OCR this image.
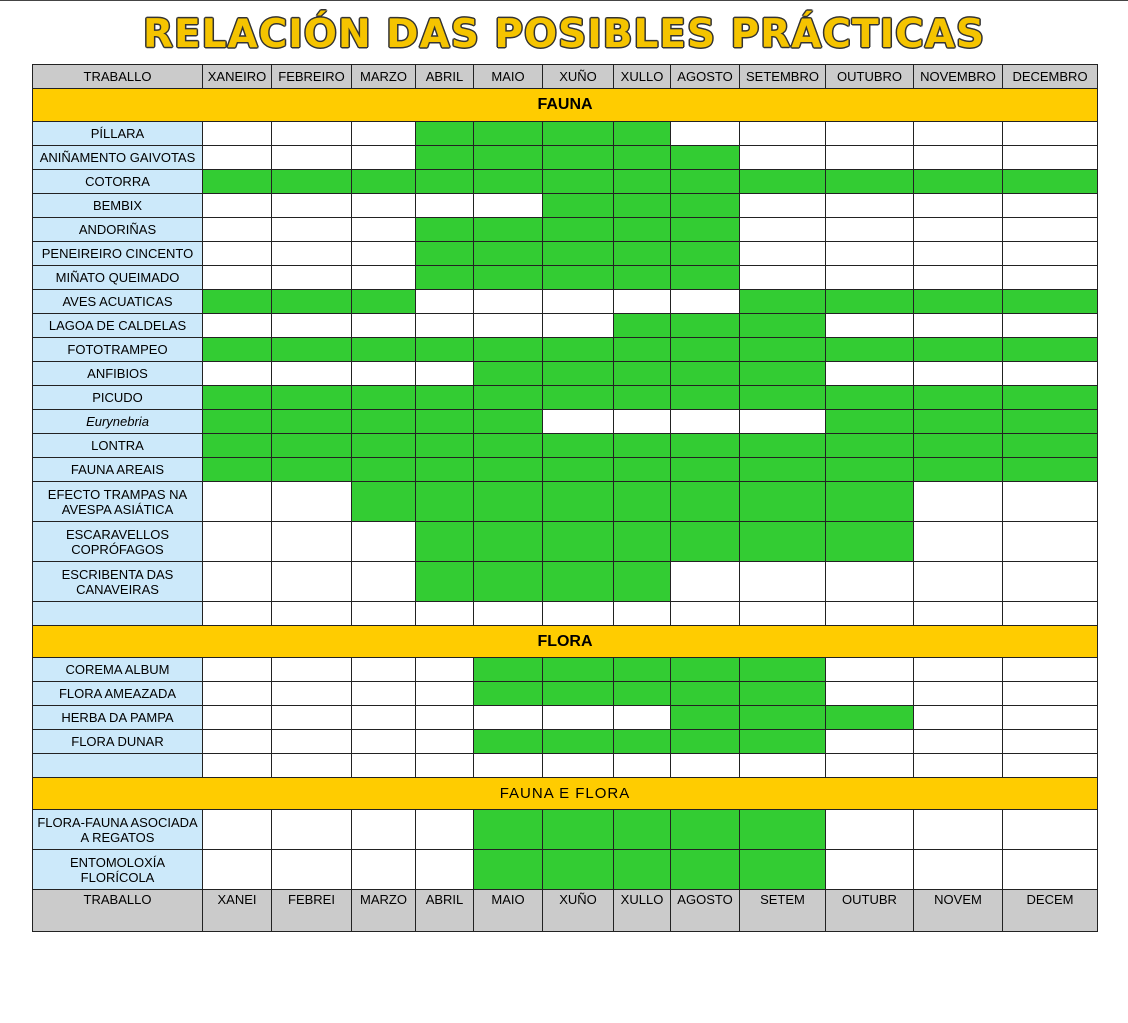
RELACIÓN DAS POSIBLES PRÁCTICAS
TRABALLO	XANEIRO	FEBREIRO	MARZO	ABRIL	MAIO	XUÑO	XULLO	AGOSTO	SETEMBRO	OUTUBRO	NOVEMBRO	DECEMBRO
FAUNA												
PÍLLARA												
ANIÑAMENTO GAIVOTAS												
COTORRA												
BEMBIX												
ANDORIÑAS												
PENEIREIRO CINCENTO												
MIÑATO QUEIMADO												
AVES ACUATICAS												
LAGOA DE CALDELAS												
FOTOTRAMPEO												
ANFIBIOS												
PICUDO												
Eurynebria												
LONTRA												
FAUNA AREAIS												
EFECTO TRAMPAS NA AVESPA ASIÁTICA												
ESCARAVELLOS COPRÓFAGOS												
ESCRIBENTA DAS CANAVEIRAS												

FLORA												
COREMA ALBUM												
FLORA AMEAZADA												
HERBA DA PAMPA												
FLORA DUNAR												

FAUNA E FLORA												
FLORA-FAUNA ASOCIADA A REGATOS												
ENTOMOLOXÍA FLORÍCOLA												
TRABALLO	XANEI	FEBREI	MARZO	ABRIL	MAIO	XUÑO	XULLO	AGOSTO	SETEM	OUTUBR	NOVEM	DECEM
